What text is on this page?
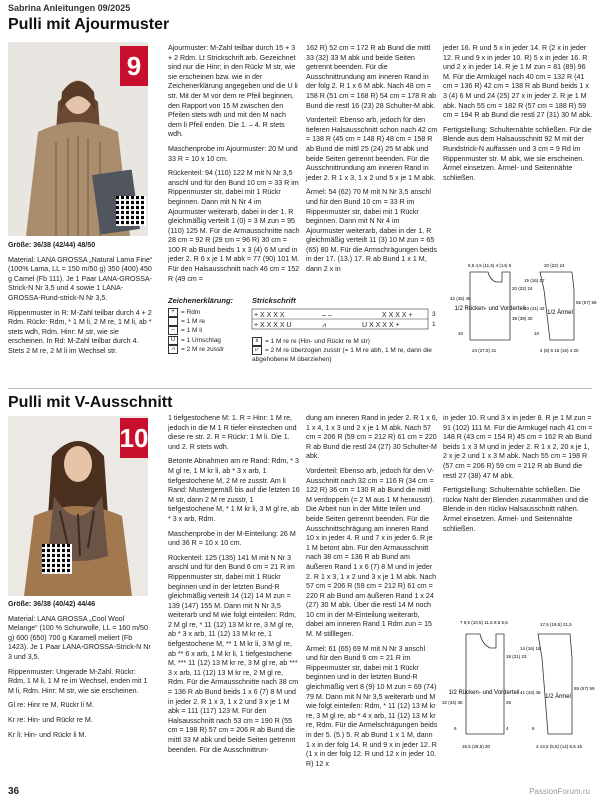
Sabrina Anleitungen 09/2025
Pulli mit Ajourmuster
9

Größe: 36/38 (42/44) 48/50

Material: LANA GROSSA „Natural Lama Fine“ (100% Lama, LL = 150 m/50 g) 350 (400) 450 g Camel (Fb 111). Je 1 Paar LANA-GROSSA-Strick-N Nr 3,5 und 4 sowie 1 LANA-GROSSA-Rund-strick-N Nr 3,5.

Rippenmuster in R: M-Zahl teilbar durch 4 + 2 Rdm. Rückr: Rdm, * 1 M li, 2 M re, 1 M li, ab * stets wdh, Rdm. Hinr: M str, wie sie erscheinen. In Rd: M-Zahl teilbar durch 4. Stets 2 M re, 2 M li im Wechsel str.

Ajourmuster: M-Zahl teilbar durch 15 + 3 + 2 Rdm. Lt Strickschrift arb. Gezeichnet sind nur die Hinr; in den Rückr M str, wie sie erscheinen bzw. wie in der Zeichenerklärung angegeben und die U li str. Mit der M vor dem re Pfeil beginnen, den Rapport von 15 M zwischen den Pfeilen stets wdh und mit den M nach dem li Pfeil enden. Die 1. – 4. R stets wdh.

Maschenprobe im Ajourmuster: 20 M und 33 R = 10 x 10 cm.

Rückenteil: 94 (110) 122 M mit N Nr 3,5 anschl und für den Bund 10 cm = 33 R im Rippenmuster str, dabei mit 1 Rückr beginnen. Dann mit N Nr 4 im Ajourmuster weiterarb, dabei in der 1. R gleichmäßig verteilt 1 (0) = 3 M zun = 95 (110) 125 M. Für die Armausschnitte nach 28 cm = 92 R (29 cm = 96 R) 30 cm = 100 R ab Bund beids 1 x 3 (4) 6 M und in jeder 2. R 6 x je 1 M abk = 77 (90) 101 M. Für den Halsausschnitt nach 46 cm = 152 R (49 cm =

162 R) 52 cm = 172 R ab Bund die mittl 33 (32) 33 M abk und beide Seiten getrennt beenden. Für die Ausschnittrundung am inneren Rand in der folg 2. R 1 x 6 M abk. Nach 48 cm = 158 R (51 cm = 168 R) 54 cm = 178 R ab Bund die restl 16 (23) 28 Schulter-M abk.

Vorderteil: Ebenso arb, jedoch für den tieferen Halsausschnitt schon nach 42 cm = 138 R (45 cm = 148 R) 48 cm = 158 R ab Bund die mittl 25 (24) 25 M abk und beide Seiten getrennt beenden. Für die Ausschnittrundung am inneren Rand in jeder 2. R 1 x 3, 1 x 2 und 5 x je 1 M abk.

Ärmel: 54 (62) 70 M mit N Nr 3,5 anschl und für den Bund 10 cm = 33 R im Rippenmuster str, dabei mit 1 Rückr beginnen. Dann mit N Nr 4 im Ajourmuster weiterarb, dabei in der 1. R gleichmäßig verteilt 11 (3) 10 M zun = 65 (65) 80 M. Für die Armschrägungen beids in der 17. (13.) 17. R ab Bund 1 x 1 M, dann 2 x in

jeder 16. R und 5 x in jeder 14. R (2 x in jeder 12. R und 9 x in jeder 10. R) 5 x in jeder 16. R und 2 x in jeder 14. R je 1 M zun = 81 (89) 96 M. Für die Armkugel nach 40 cm = 132 R (41 cm = 136 R) 42 cm = 138 R ab Bund beids 1 x 3 (4) 6 M und 24 (25) 27 x in jeder 2. R je 1 M abk. Nach 55 cm = 182 R (57 cm = 188 R) 59 cm = 194 R ab Bund die restl 27 (31) 30 M abk.

Fertigstellung: Schulternähte schließen. Für die Blende aus dem Halsausschnitt 92 M mit der Rundstrick-N auffassen und 3 cm = 9 Rd im Rippenmuster str. M abk, wie sie erscheinen. Ärmel einsetzen. Ärmel- und Seitennähte schließen.

Zeichenerklärung:
+ = Rdm
= 1 M re
– = 1 M li
U = 1 Umschlag
⩘ = 2 M re zusstr
Strickschrift
+ X X X X	– –	X X X X +
+ X X X X U	⩘	U X X X X +
3
1
x = 1 M re re (Hin- und Rückr re M str)
⩗ = 2 M re überzogen zusstr (= 1 M re abh, 1 M re, dann die abgehobene M überziehen)
1/2 Rücken- und Vorderteil
1/2 Ärmel
8,5 4,5 (11,5) 4 (14) 5
42 (45) 48
20 (22) 24
38 (39) 30
10
24 (27,5) 31
20 (22) 24
15 (16) 17
40 (41) 42
55 (57) 59
10
4 (8) 6 16 (16) 4 20
Pulli mit V-Ausschnitt
10

Größe: 36/38 (40/42) 44/46

Material: LANA GROSSA „Cool Wool Melange“ (100 % Schurwolle, LL = 160 m/50 g) 600 (650) 700 g Karamell meliert (Fb 1423). Je 1 Paar LANA-GROSSA-Strick-N Nr 3 und 3,5.

Rippenmuster: Ungerade M-Zahl. Rückr: Rdm, 1 M li, 1 M re im Wechsel, enden mit 1 M li, Rdm. Hinr: M str, wie sie erscheinen.

Gl re: Hinr re M, Rückr li M.

Kr re: Hin- und Rückr re M.

Kr li: Hin- und Rückr li M.

1 tiefgestochene M: 1. R = Hinr: 1 M re, jedoch in die M 1 R tiefer einstechen und diese re str. 2. R = Rückr: 1 M li. Die 1. und 2. R stets wdh.

Betonte Abnahmen am re Rand: Rdm, * 3 M gl re, 1 M kr li, ab * 3 x arb, 1 tiefgestochene M, 2 M re zusstr. Am li Rand: Mustergemäß bis auf die letzten 16 M str, dann 2 M re zusstr, 1 tiefgestochene M, * 1 M kr li, 3 M gl re, ab * 3 x arb, Rdm.

Maschenprobe in der M-Einteilung: 26 M und 36 R = 10 x 10 cm.

Rückenteil: 125 (135) 141 M mit N Nr 3 anschl und für den Bund 6 cm = 21 R im Rippenmuster str, dabei mit 1 Rückr beginnen und in der letzten Bund-R gleichmäßig verteilt 14 (12) 14 M zun = 139 (147) 155 M. Dann mit N Nr 3,5 weiterarb und M wie folgt einteilen: Rdm, 2 M gl re, * 11 (12) 13 M kr re, 3 M gl re, ab * 3 x arb, 11 (12) 13 M kr re, 1 tiefgestochene M, ** 1 M kr li, 3 M gl re, ab ** 6 x arb, 1 M kr li, 1 tiefgestochene M, *** 11 (12) 13 M kr re, 3 M gl re, ab *** 3 x arb, 11 (12) 13 M kr re, 2 M gl re, Rdm. Für die Armausschnitte nach 38 cm = 136 R ab Bund beids 1 x 6 (7) 8 M und in jeder 2. R 1 x 3, 1 x 2 und 3 x je 1 M abk = 111 (117) 123 M. Für den Halsausschnitt nach 53 cm = 190 R (55 cm = 198 R) 57 cm = 206 R ab Bund die mittl 33 M abk und beide Seiten getrennt beenden. Für die Ausschnittrun-

dung am inneren Rand in jeder 2. R 1 x 6, 1 x 4, 1 x 3 und 2 x je 1 M abk. Nach 57 cm = 206 R (59 cm = 212 R) 61 cm = 220 R ab Bund die restl 24 (27) 30 Schulter-M abk.

Vorderteil: Ebenso arb, jedoch für den V-Ausschnitt nach 32 cm = 116 R (34 cm = 122 R) 36 cm = 130 R ab Bund die mittl M verdoppeln (= 2 M aus 1 M herausstr). Die Arbeit nun in der Mitte teilen und beide Seiten getrennt beenden. Für die Ausschnittschrägung am inneren Rand 10 x in jeder 4. R und 7 x in jeder 6. R je 1 M betont abn. Für den Armausschnitt nach 38 cm = 136 R ab Bund am äußeren Rand 1 x 6 (7) 8 M und in jeder 2. R 1 x 3, 1 x 2 und 3 x je 1 M abk. Nach 57 cm = 206 R (59 cm = 212 R) 61 cm = 220 R ab Bund am äußeren Rand 1 x 24 (27) 30 M abk. Über die restl 14 M noch 10 cm in der M-Einteilung weiterarb, dabei am inneren Rand 1 Rdm zun = 15 M. M stilllegen.

Ärmel: 61 (65) 69 M mit N Nr 3 anschl und für den Bund 6 cm = 21 R im Rippenmuster str, dabei mit 1 Rückr beginnen und in der letzten Bund-R gleichmäßig vert 8 (9) 10 M zun = 69 (74) 79 M. Dann mit N Nr 3,5 weiterarb und M wie folgt einteilen: Rdm, * 11 (12) 13 M kr re, 3 M gl re, ab * 4 x arb, 11 (12) 13 M kr re, Rdm. Für die Armelschrägungen beids in der 5. (5.) 5. R ab Bund 1 x 1 M, dann 1 x in der folg 14. R und 9 x in jeder 12. R (1 x in der folg 12. R und 12 x in jeder 10. R) 12 x

in jeder 10. R und 3 x in jeder 8. R je 1 M zun = 91 (102) 111 M. Für die Armkugel nach 41 cm = 148 R (43 cm = 154 R) 45 cm = 162 R ab Bund beids 1 x 3 M und in jeder 2. R 1 x 2, 20 x je 1, 2 x je 2 und 1 x 3 M abk. Nach 55 cm = 198 R (57 cm = 206 R) 59 cm = 212 R ab Bund die restl 27 (38) 47 M abk.

Fertigstellung: Schulternähte schließen. Die rückw Naht der Blenden zusammähen und die Blende in den rückw Halsausschnitt nähen. Ärmel einsetzen. Ärmel- und Seitennähte schließen.

1/2 Rücken- und Vorderteil
1/2 Ärmel
7 9,5 (10,5) 11,5 8,5 5,5
32 (34) 36
19 (21) 23
25
6	4
26,5 (28,5) 30
17,5 (19,5) 21,5
14 (16) 18
41 (43) 45
55 (57) 59
6
4 13,5 (5,5) (14) 6,5 15
36	PassionForum.ru
